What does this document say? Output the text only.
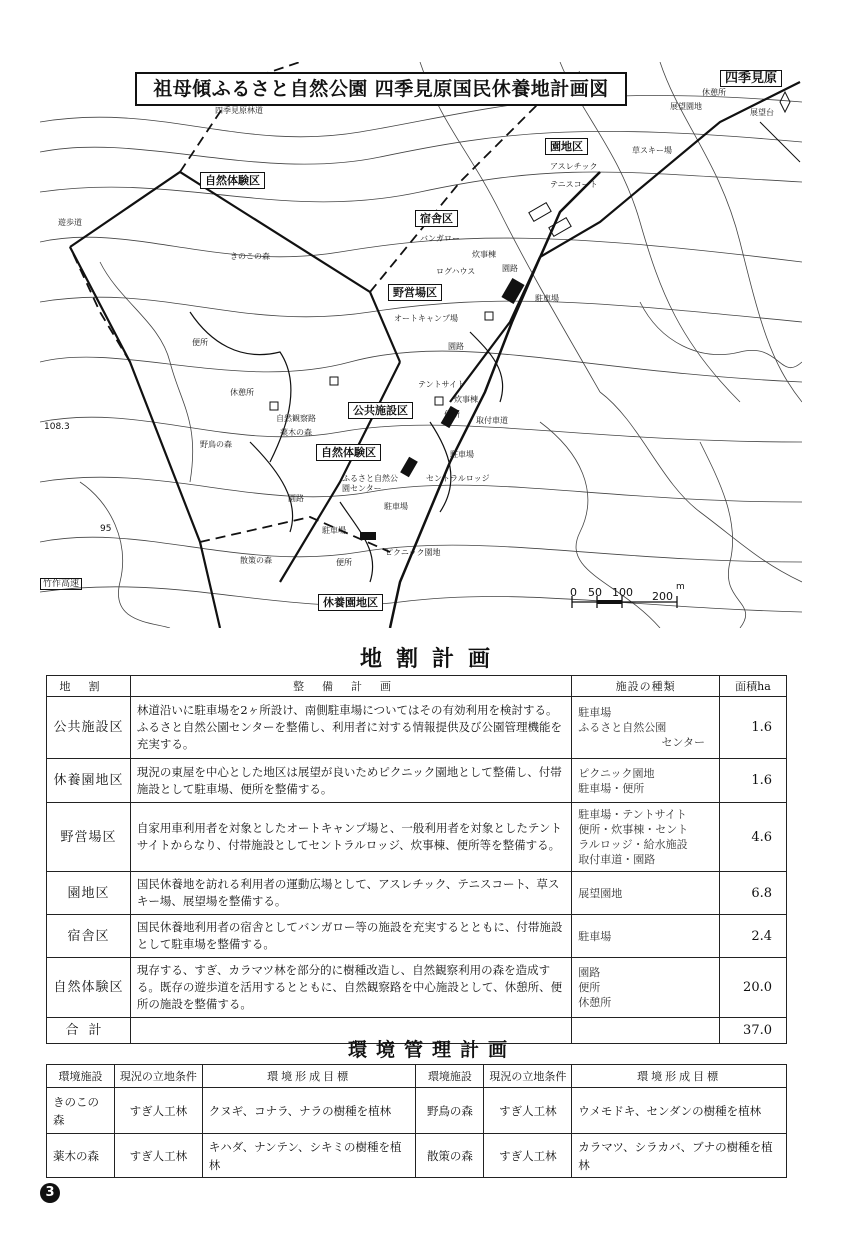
祖母傾ふるさと自然公園 四季見原国民休養地計画図	四季見原
自然体験区
園地区
宿舎区
野営場区
公共施設区
自然体験区
休養園地区
四季見原林道
休憩所
展望園地
展望台
草スキー場
アスレチック
テニスコート
バンガロー
炊事棟
園路
ログハウス
駐車場
オートキャンプ場
園路
テントサイト
炊事棟
便所
取付車道
駐車場
セントラルロッジ
遊歩道
きのこの森
便所
休憩所
自然観察路
薬木の森
野鳥の森
ふるさと自然公園センター
駐車場
ピクニック園地
散策の森	便所
園路
駐車場
竹作高速
108.3
95
0 50 100 200
m
地割計画
地割	整備計画	施設の種類	面積ha
公共施設区	林道沿いに駐車場を2ヶ所設け、南側駐車場についてはその有効利用を検討する。ふるさと自然公園センターを整備し、利用者に対する情報提供及び公園管理機能を充実する。	駐車場
ふるさと自然公園
センター	1.6
休養園地区	現況の東屋を中心とした地区は展望が良いためピクニック園地として整備し、付帯施設として駐車場、便所を整備する。	ピクニック園地
駐車場・便所	1.6
野営場区	自家用車利用者を対象としたオートキャンプ場と、一般利用者を対象としたテントサイトからなり、付帯施設としてセントラルロッジ、炊事棟、便所等を整備する。	駐車場・テントサイト
便所・炊事棟・セント
ラルロッジ・給水施設
取付車道・園路	4.6
園地区	国民休養地を訪れる利用者の運動広場として、アスレチック、テニスコート、草スキー場、展望場を整備する。	展望園地	6.8
宿舎区	国民休養地利用者の宿舎としてバンガロー等の施設を充実するとともに、付帯施設として駐車場を整備する。	駐車場	2.4
自然体験区	現存する、すぎ、カラマツ林を部分的に樹種改造し、自然観察利用の森を造成する。既存の遊歩道を活用するとともに、自然観察路を中心施設として、休憩所、便所の施設を整備する。	園路
便所
休憩所	20.0
合計			37.0
環境管理計画
環境施設	現況の立地条件	環境形成目標	環境施設	現況の立地条件	環境形成目標
きのこの森	すぎ人工林	クヌギ、コナラ、ナラの樹種を植林	野鳥の森	すぎ人工林	ウメモドキ、センダンの樹種を植林
薬木の森	すぎ人工林	キハダ、ナンテン、シキミの樹種を植林	散策の森	すぎ人工林	カラマツ、シラカバ、ブナの樹種を植林
3
